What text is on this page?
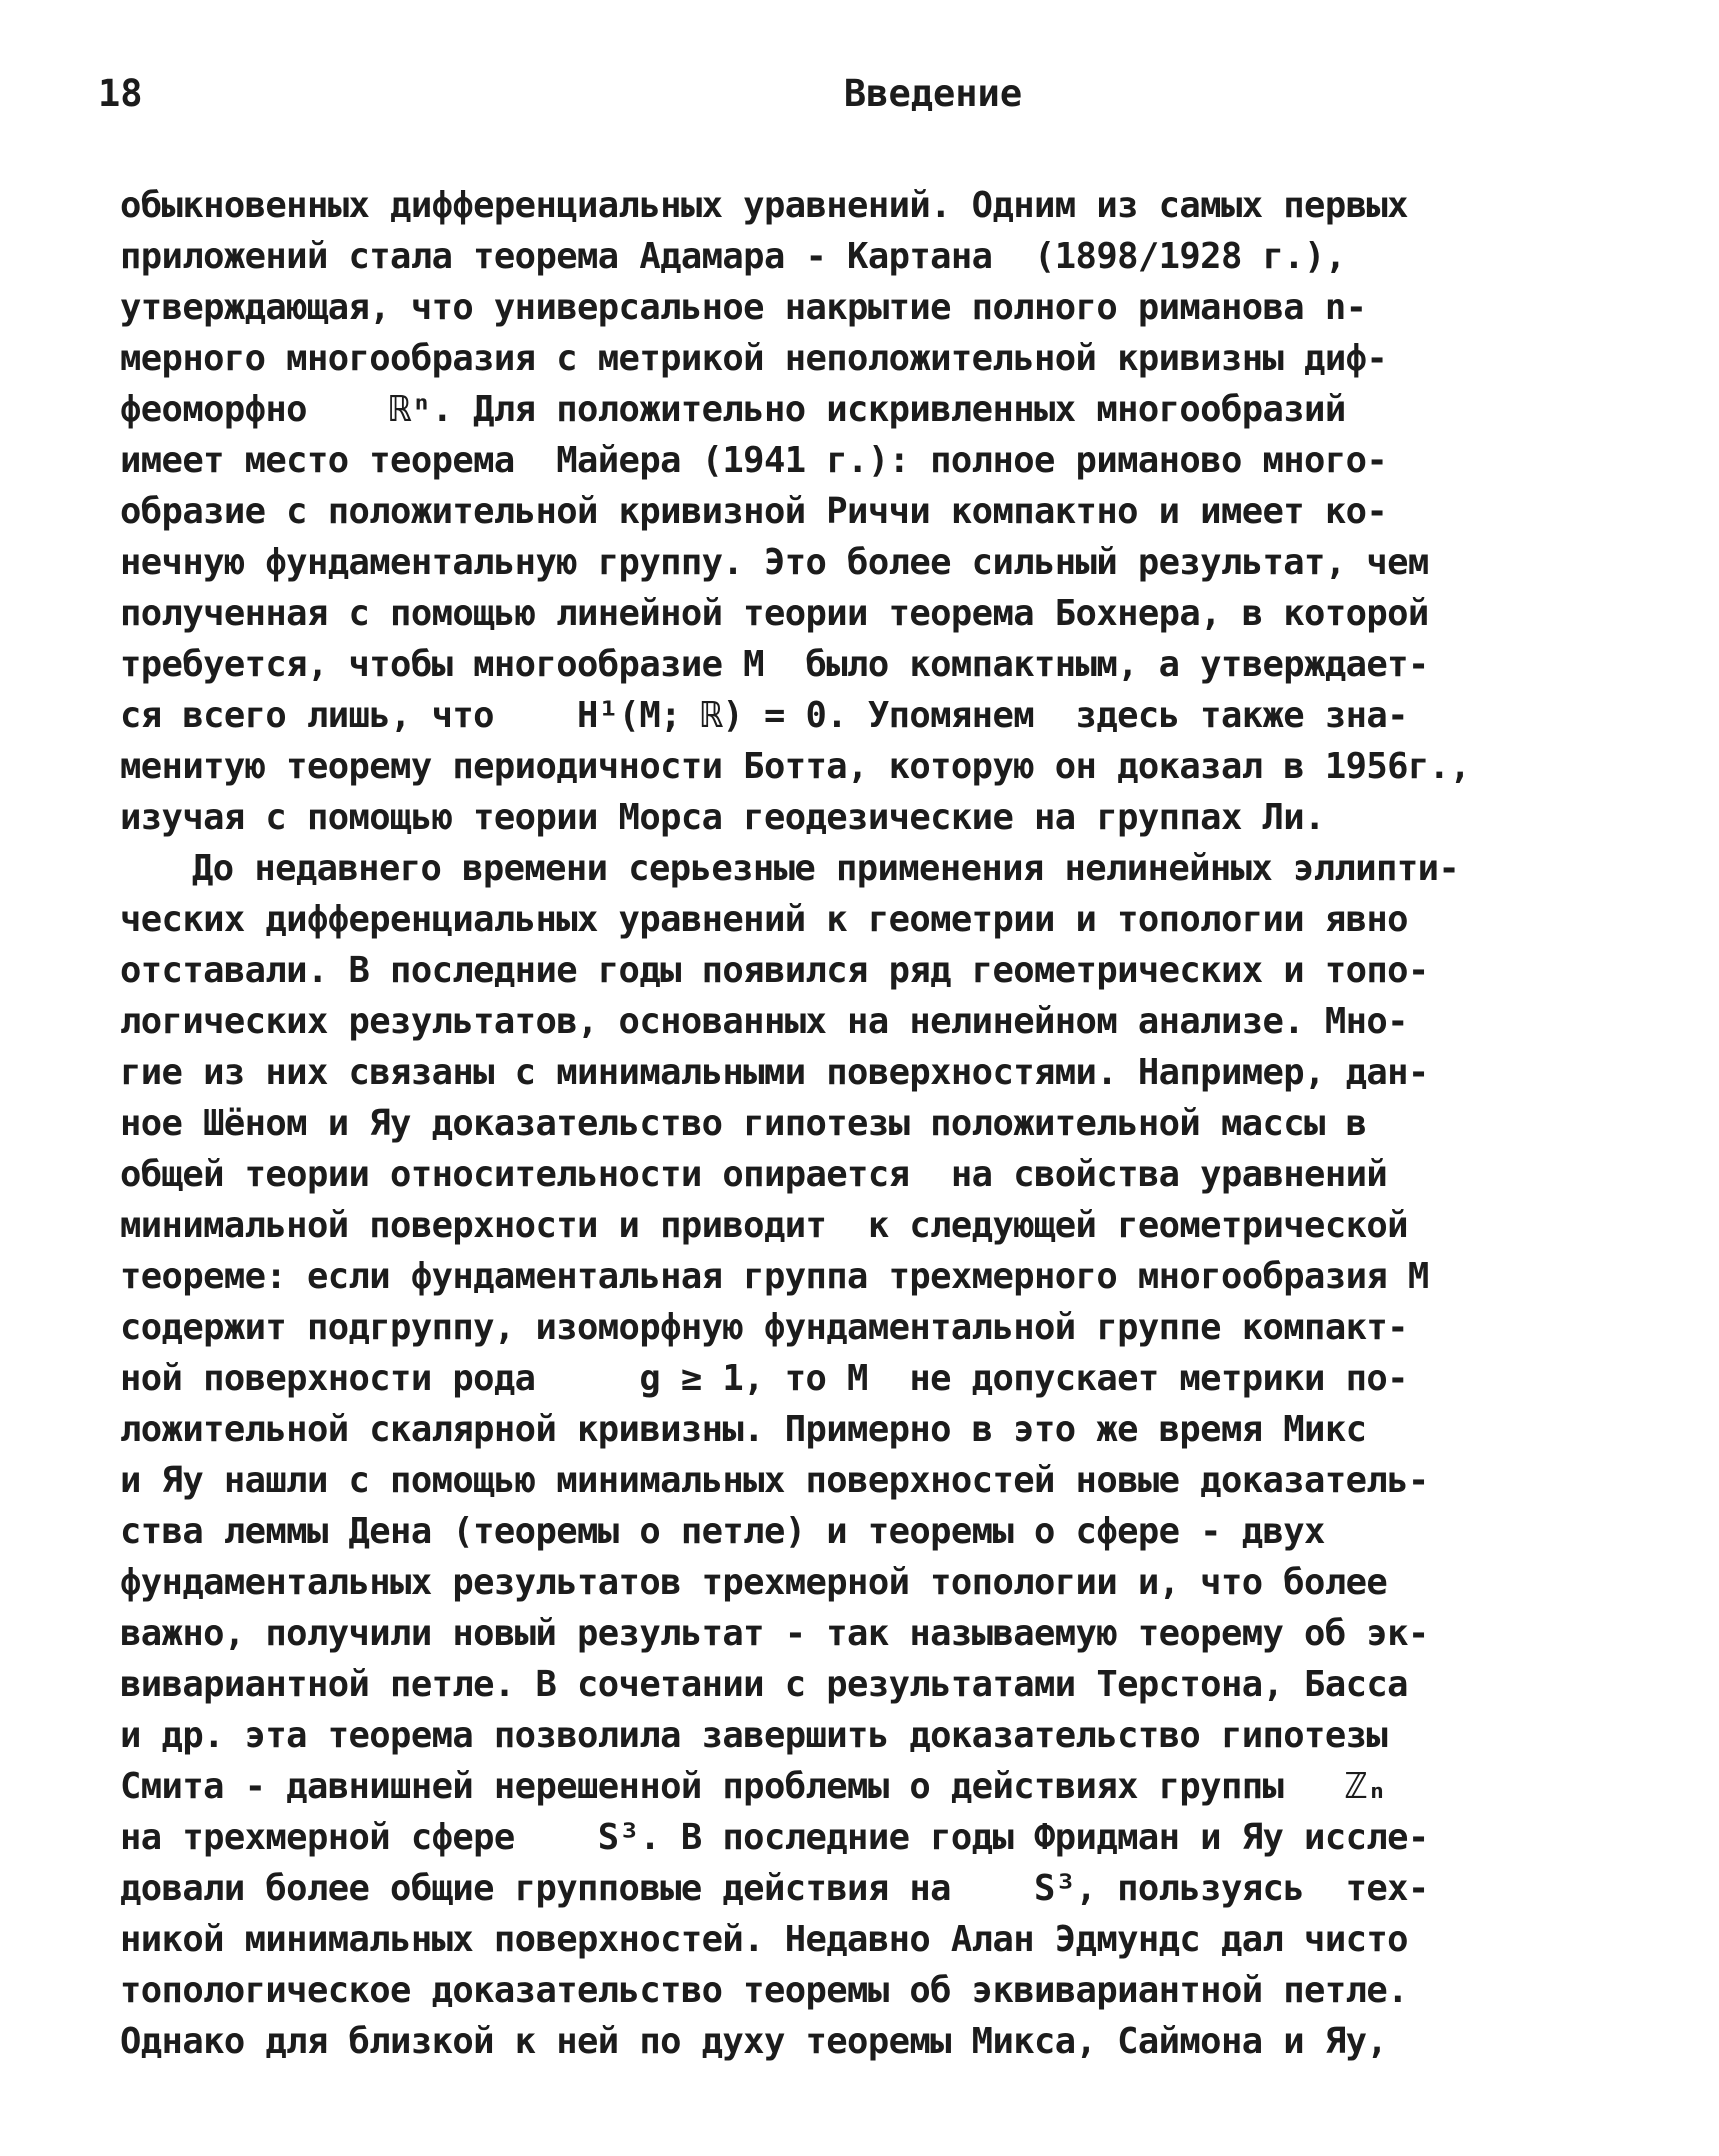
18	Введение
обыкновенных дифференциальных уравнений. Одним из самых первых
приложений стала теорема Адамара - Картана  (1898/1928 г.),
утверждающая, что универсальное накрытие полного риманова n-
мерного многообразия с метрикой неположительной кривизны диф-
феоморфно    ℝⁿ. Для положительно искривленных многообразий
имеет место теорема  Майера (1941 г.): полное риманово много-
образие с положительной кривизной Риччи компактно и имеет ко-
нечную фундаментальную группу. Это более сильный результат, чем
полученная с помощью линейной теории теорема Бохнера, в которой
требуется, чтобы многообразие M  было компактным, а утверждает-
ся всего лишь, что    H¹(M; ℝ) = 0. Упомянем  здесь также зна-
менитую теорему периодичности Ботта, которую он доказал в 1956г.,
изучая с помощью теории Морса геодезические на группах Ли.
До недавнего времени серьезные применения нелинейных эллипти-
ческих дифференциальных уравнений к геометрии и топологии явно
отставали. В последние годы появился ряд геометрических и топо-
логических результатов, основанных на нелинейном анализе. Мно-
гие из них связаны с минимальными поверхностями. Например, дан-
ное Шёном и Яу доказательство гипотезы положительной массы в
общей теории относительности опирается  на свойства уравнений
минимальной поверхности и приводит  к следующей геометрической
теореме: если фундаментальная группа трехмерного многообразия M
содержит подгруппу, изоморфную фундаментальной группе компакт-
ной поверхности рода     g ≥ 1, то M  не допускает метрики по-
ложительной скалярной кривизны. Примерно в это же время Микс
и Яу нашли с помощью минимальных поверхностей новые доказатель-
ства леммы Дена (теоремы о петле) и теоремы о сфере - двух
фундаментальных результатов трехмерной топологии и, что более
важно, получили новый результат - так называемую теорему об эк-
вивариантной петле. В сочетании с результатами Терстона, Басса
и др. эта теорема позволила завершить доказательство гипотезы
Смита - давнишней нерешенной проблемы о действиях группы   ℤₙ
на трехмерной сфере    S³. В последние годы Фридман и Яу иссле-
довали более общие групповые действия на    S³, пользуясь  тех-
никой минимальных поверхностей. Недавно Алан Эдмундс дал чисто
топологическое доказательство теоремы об эквивариантной петле.
Однако для близкой к ней по духу теоремы Микса, Саймона и Яу,
